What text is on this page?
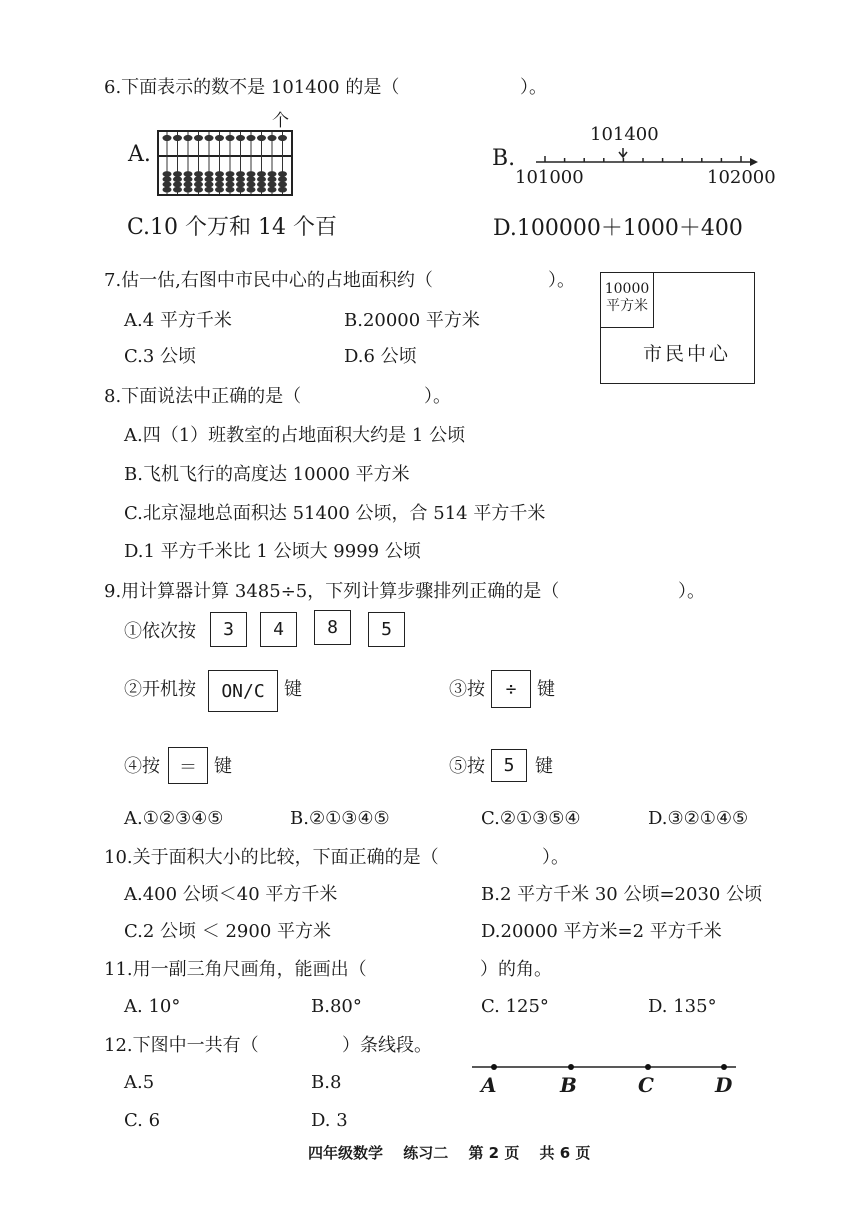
6.下面表示的数不是 101400 的是（	）。
A.
个
B.
101400
101000	102000
C.10 个万和 14 个百	D.100000＋1000＋400
7.估一估,右图中市民中心的占地面积约（	）。
A.4 平方千米	B.20000 平方米
C.3 公顷	D.6 公顷
10000
平方米
市民中心
8.下面说法中正确的是（	）。
A.四（1）班教室的占地面积大约是 1 公顷
B.飞机飞行的高度达 10000 平方米
C.北京湿地总面积达 51400 公顷，合 514 平方千米
D.1 平方千米比 1 公顷大 9999 公顷
9.用计算器计算 3485÷5，下列计算步骤排列正确的是（	）。
①依次按	3	4	8	5
②开机按	ON/C	键	③按	÷	键
④按	＝ 键	⑤按	5	键
A.①②③④⑤	B.②①③④⑤	C.②①③⑤④	D.③②①④⑤
10.关于面积大小的比较，下面正确的是（	）。
A.400 公顷＜40 平方千米	B.2 平方千米 30 公顷=2030 公顷
C.2 公顷 ＜ 2900 平方米	D.20000 平方米=2 平方千米
11.用一副三角尺画角，能画出（	）的角。
A. 10°	B.80°	C. 125°	D. 135°
12.下图中一共有（	）条线段。
A.5	B.8
C. 6	D. 3
A	B	C	D
四年级数学　 练习二　 第 2 页　 共 6 页
